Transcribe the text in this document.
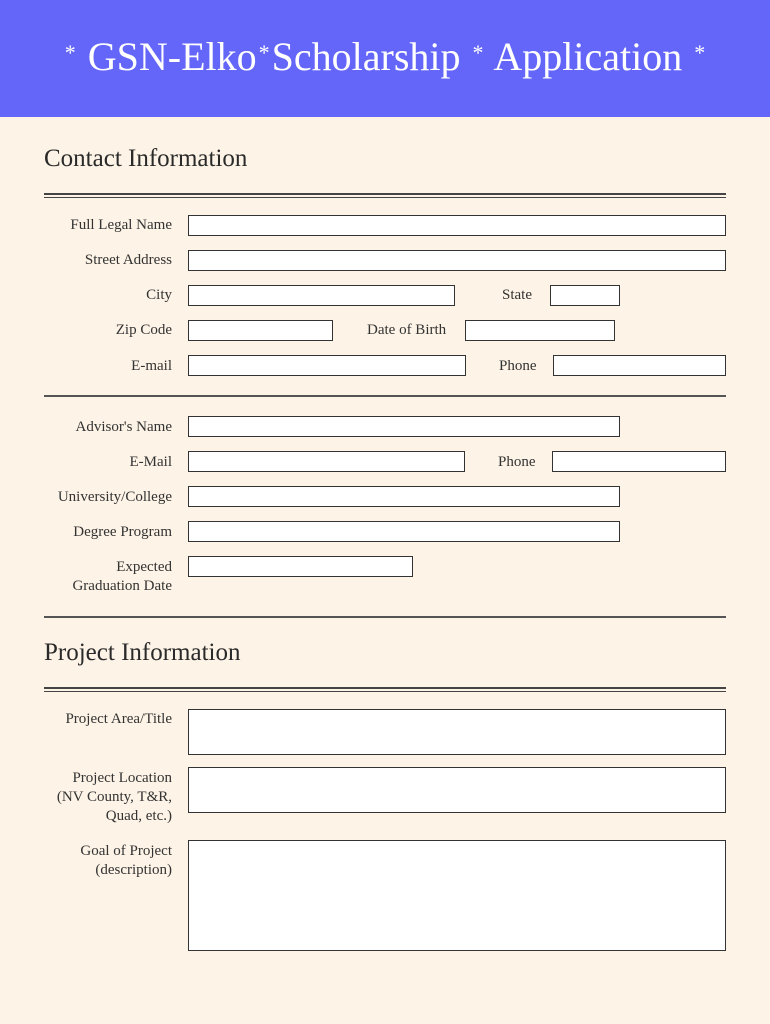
* GSN-Elko*Scholarship * Application *
Contact Information
Full Legal Name
Street Address
City	State
Zip Code	Date of Birth
E-mail	Phone
Advisor's Name
E-Mail	Phone
University/College
Degree Program
Expected
Graduation Date
Project Information
Project Area/Title
Project Location
(NV County, T&R,
Quad, etc.)
Goal of Project
(description)
